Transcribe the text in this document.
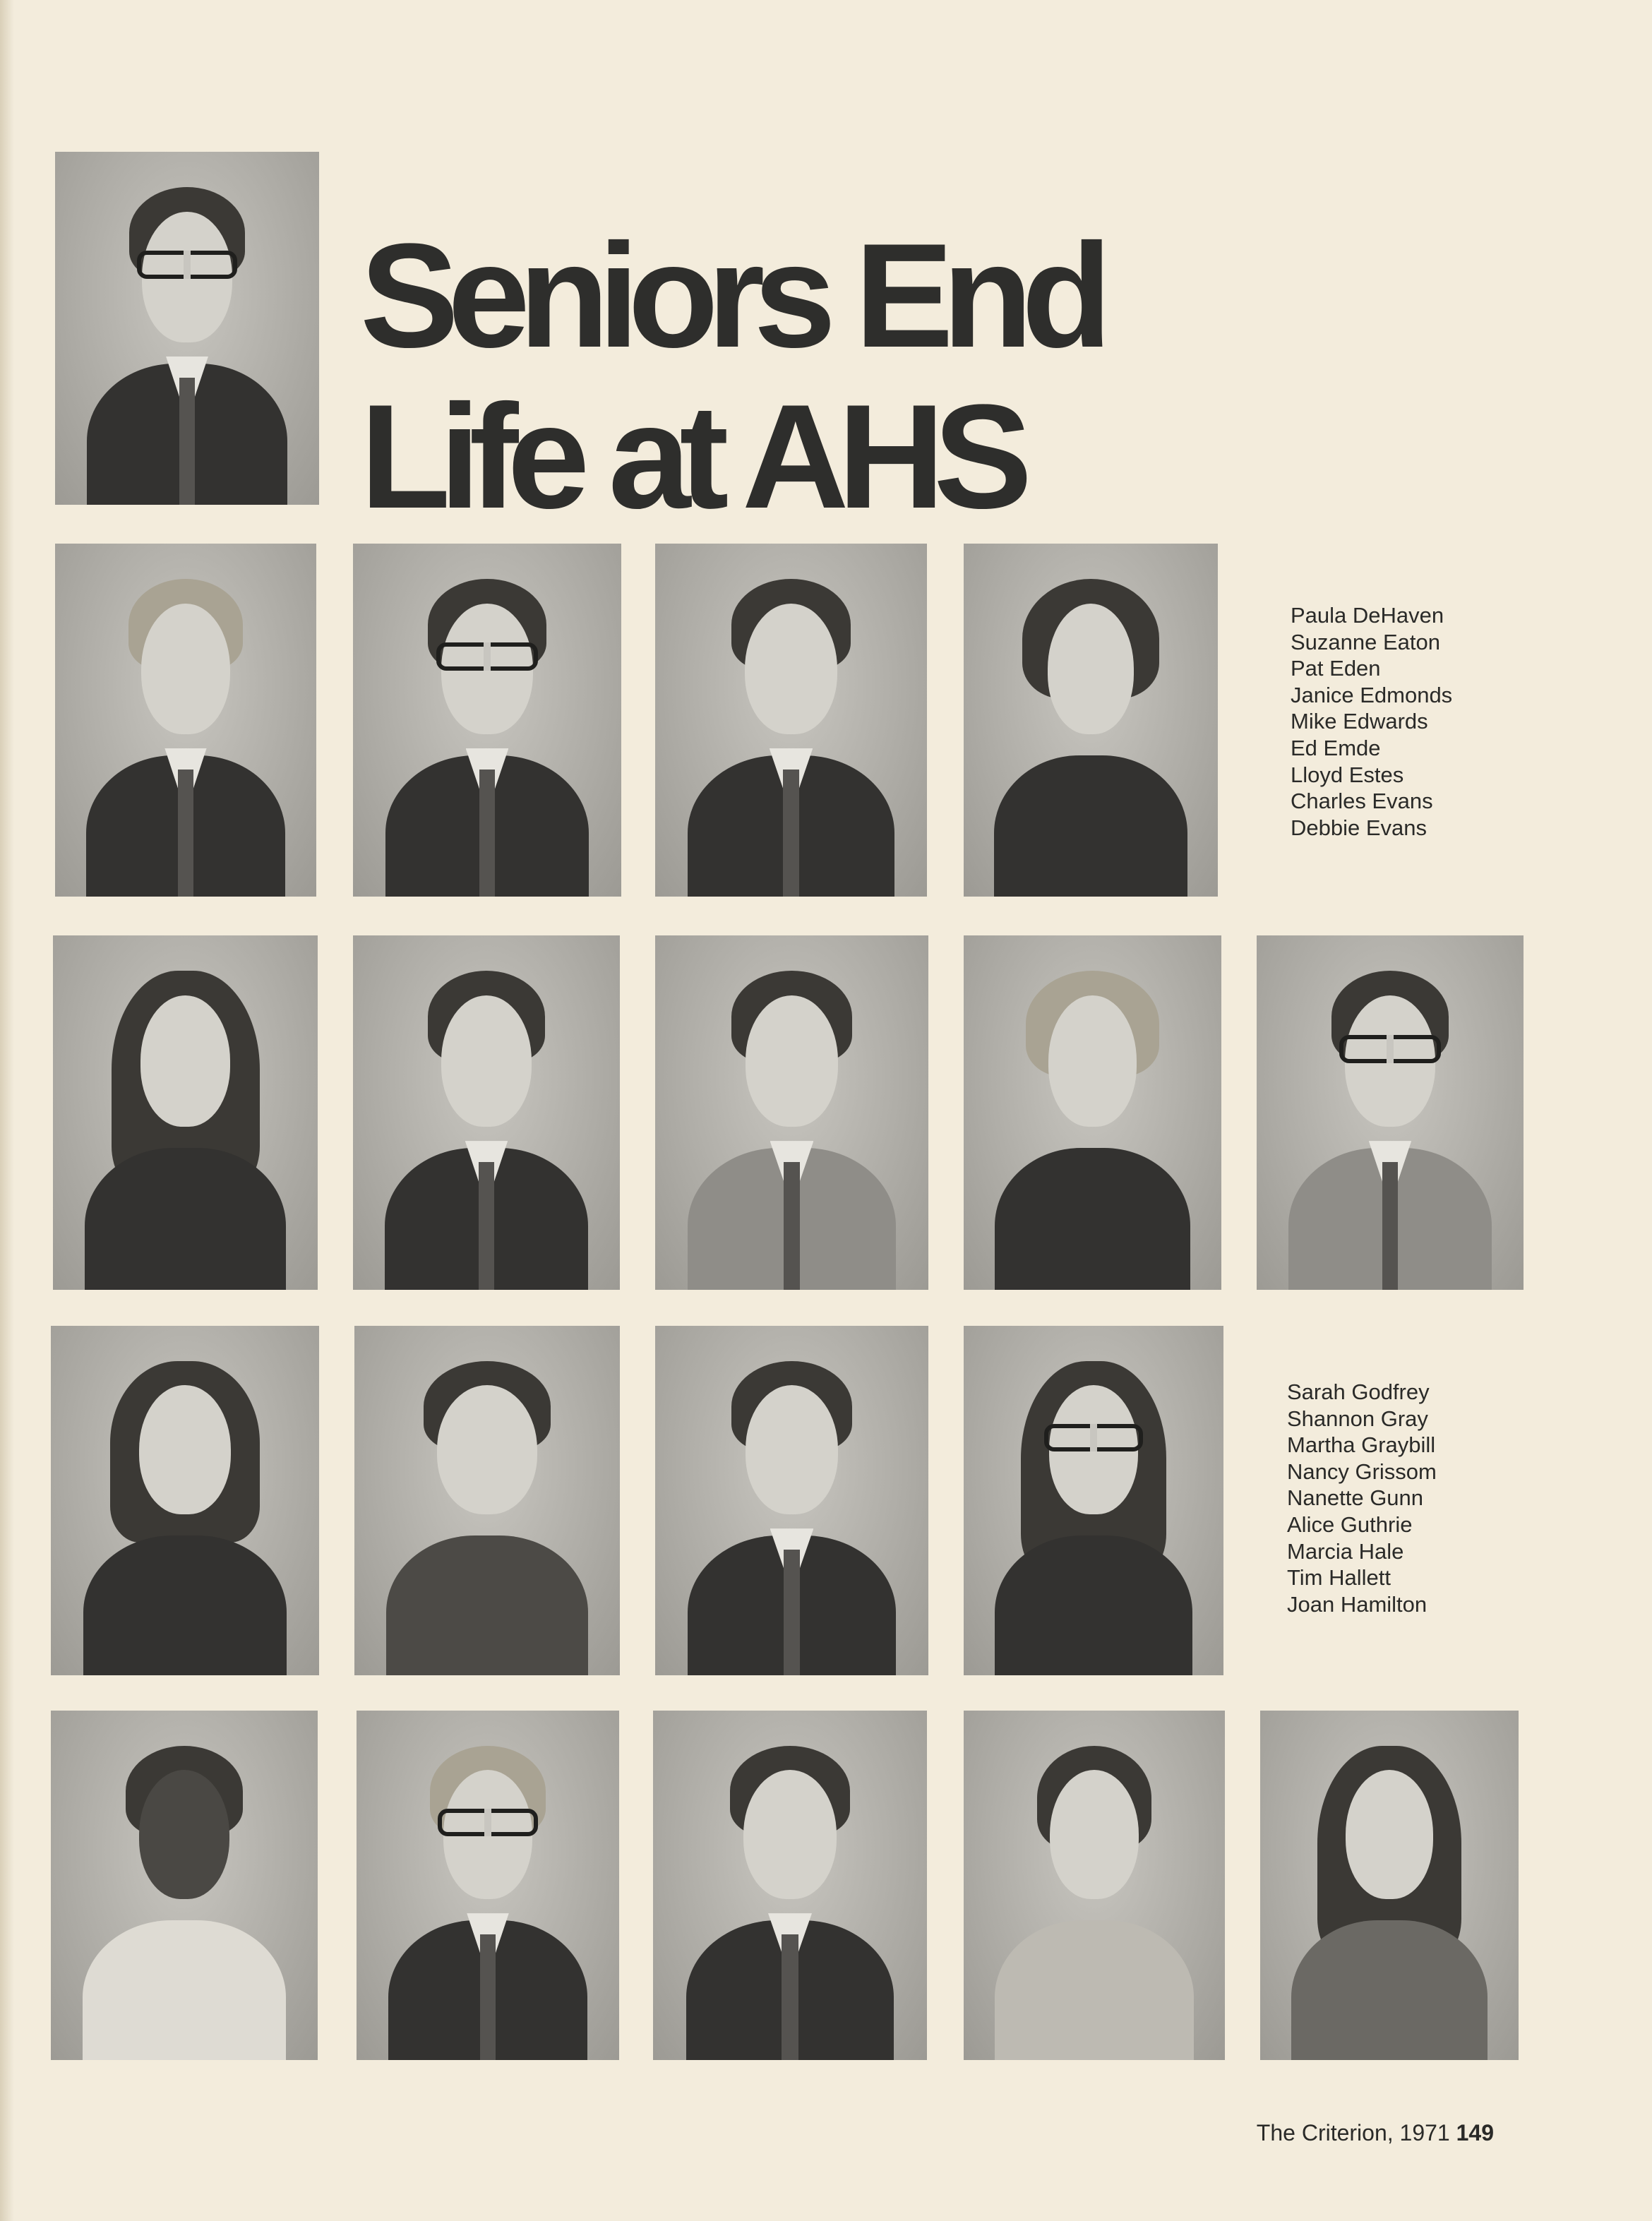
Seniors End
Life at AHS
Paula DeHaven
Suzanne Eaton
Pat Eden
Janice Edmonds
Mike Edwards
Ed Emde
Lloyd Estes
Charles Evans
Debbie Evans
Sarah Godfrey
Shannon Gray
Martha Graybill
Nancy Grissom
Nanette Gunn
Alice Guthrie
Marcia Hale
Tim Hallett
Joan Hamilton
The Criterion, 1971 149
